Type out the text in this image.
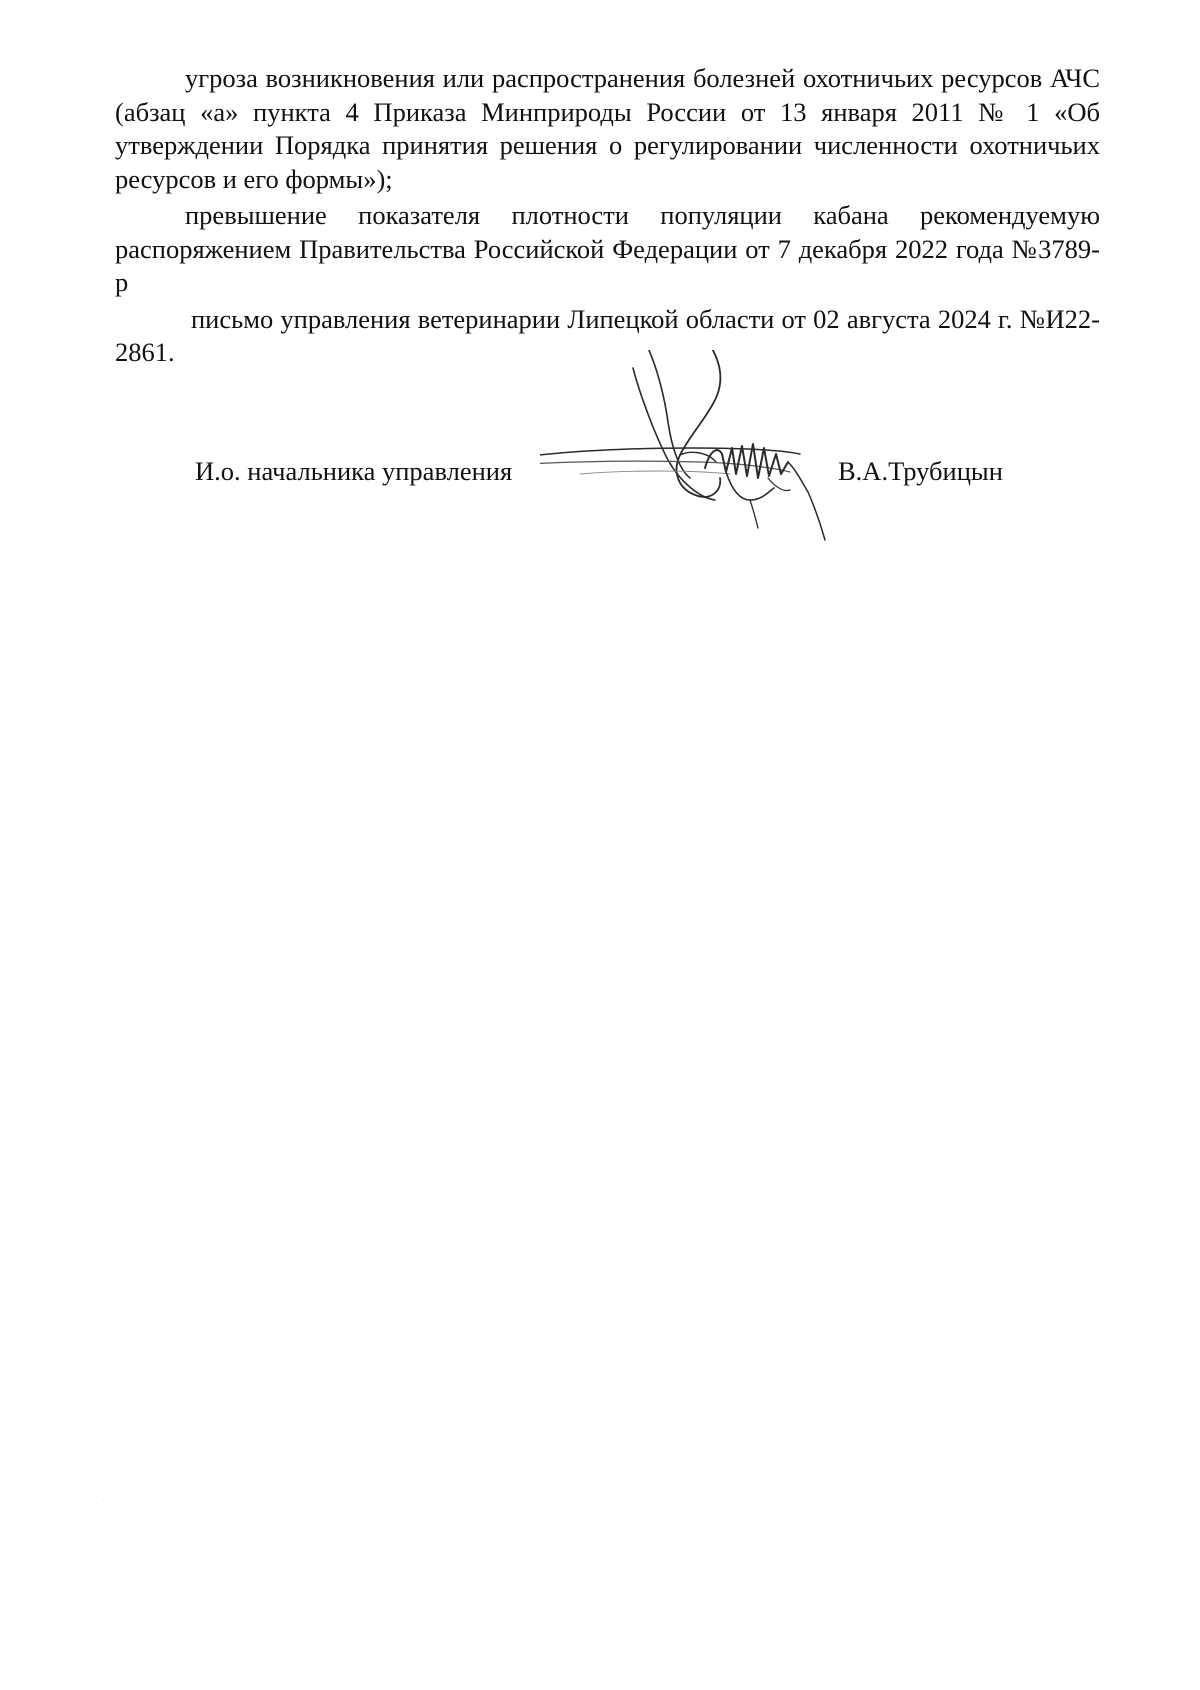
угроза возникновения или распространения болезней охотничьих ресурсов АЧС (абзац «а» пункта 4 Приказа Минприроды России от 13 января 2011 № 1 «Об утверждении Порядка принятия решения о регулировании численности охотничьих ресурсов и его формы»);

превышение показателя плотности популяции кабана рекомендуемую распоряжением Правительства Российской Федерации от 7 декабря 2022 года №3789-р

письмо управления ветеринарии Липецкой области от 02 августа 2024 г. №И22-2861.

И.о. начальника управления	В.А.Трубицын
